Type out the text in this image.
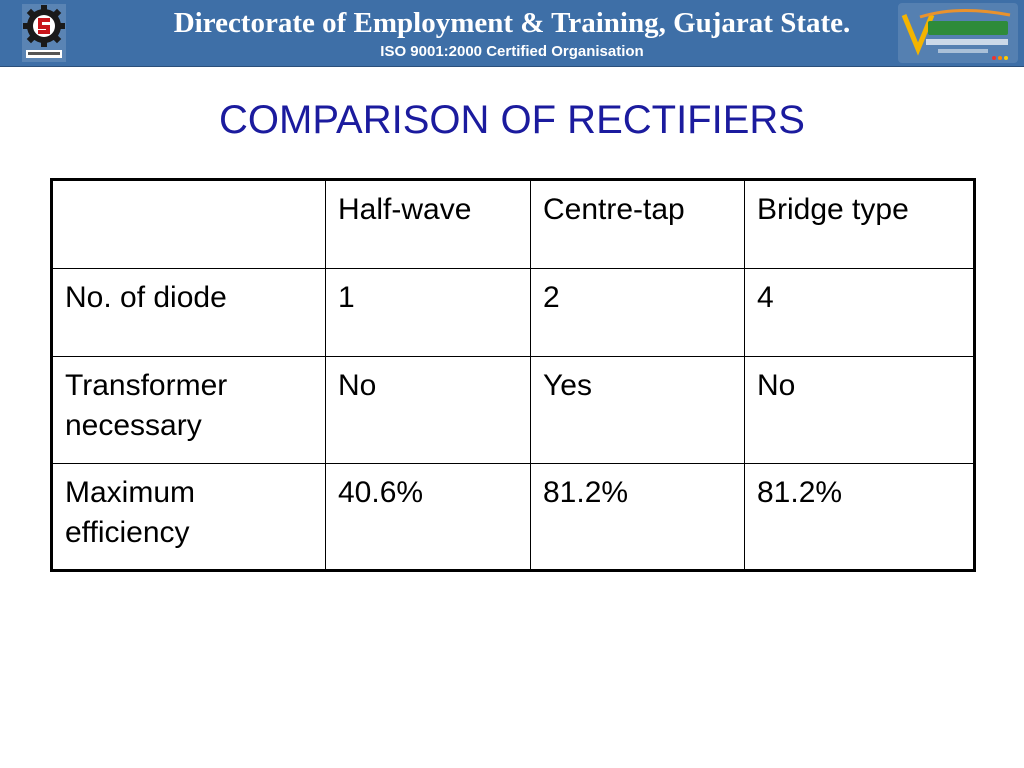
Directorate of Employment & Training, Gujarat State.
ISO 9001:2000 Certified Organisation
COMPARISON OF RECTIFIERS
	Half-wave	Centre-tap	Bridge type
No. of diode	1	2	4
Transformer
necessary	No	Yes	No
Maximum
efficiency	40.6%	81.2%	81.2%
